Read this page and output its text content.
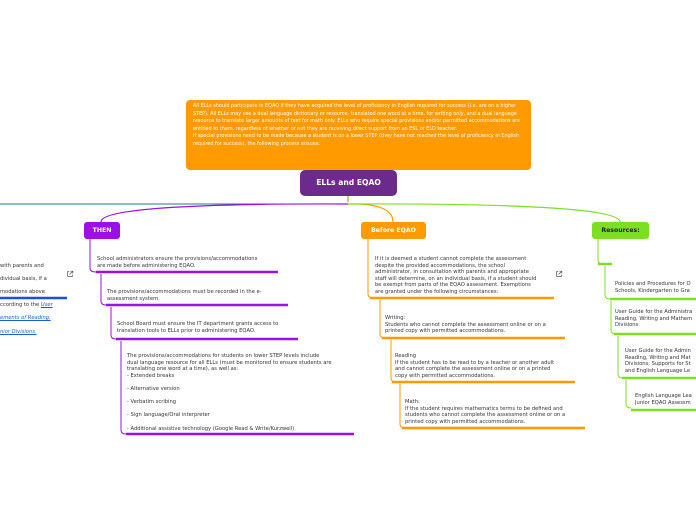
All ELLs should participate in EQAO if they have acquired the level of proficiency in English required for success (i.e. are on a higher STEP). All ELLs may use a dual language dictionary or resource, translated one word at a time, for writing only, and a dual language resource to translate larger amounts of text for math only. ELLs who require special provisions and/or permitted accommodations are entitled to them, regardless of whether or not they are receiving direct support from an ESL or ELD teacher.

If special provisions need to be made because a student is on a lower STEP (they have not reached the level of proficiency in English required for success), the following process ensues:

ELLs and EQAO

with parents and

dividual basis, if a

modations above

ccording to the User

ements of Reading,

nior Divisions.

THEN
School administrators ensure the provisions/accommodations
are made before administering EQAO.
The provisions/accommodations must be recorded in the e-
assessment system.
School Board must ensure the IT department grants access to
translation tools to ELLs prior to administering EQAO.
The provisions/accommodations for students on lower STEP levels include
dual language resource for all ELLs (must be monitored to ensure students are
translating one word at a time), as well as:
- Extended breaks

- Alternative version

- Verbatim scribing

- Sign language/Oral interpreter

- Additional assistive technology (Google Read & Write/Kurzweil)
Before EQAO
If it is deemed a student cannot complete the assessment
despite the provided accommodations, the school
administrator, in consultation with parents and appropriate
staff will determine, on an individual basis, if a student should
be exempt from parts of the EQAO assessment. Exemptions
are granted under the following circumstances:
Writing:
Students who cannot complete the assessment online or on a
printed copy with permitted accommodations.
Reading
If the student has to be read to by a teacher or another adult
and cannot complete the assessment online or on a printed
copy with permitted accommodations.
Math:
If the student requires mathematics terms to be defined and
students who cannot complete the assessment online or on a
printed copy with permitted accommodations.
Resources:
Policies and Procedures for O
Schools, Kindergarten to Gra
User Guide for the Administra
Reading, Writing and Mathem
Divisions
User Guide for the Admin
Reading, Writing and Mat
Divisions; Supports for St
and English Language Le
English Language Lea
Junior EQAO Assessm
